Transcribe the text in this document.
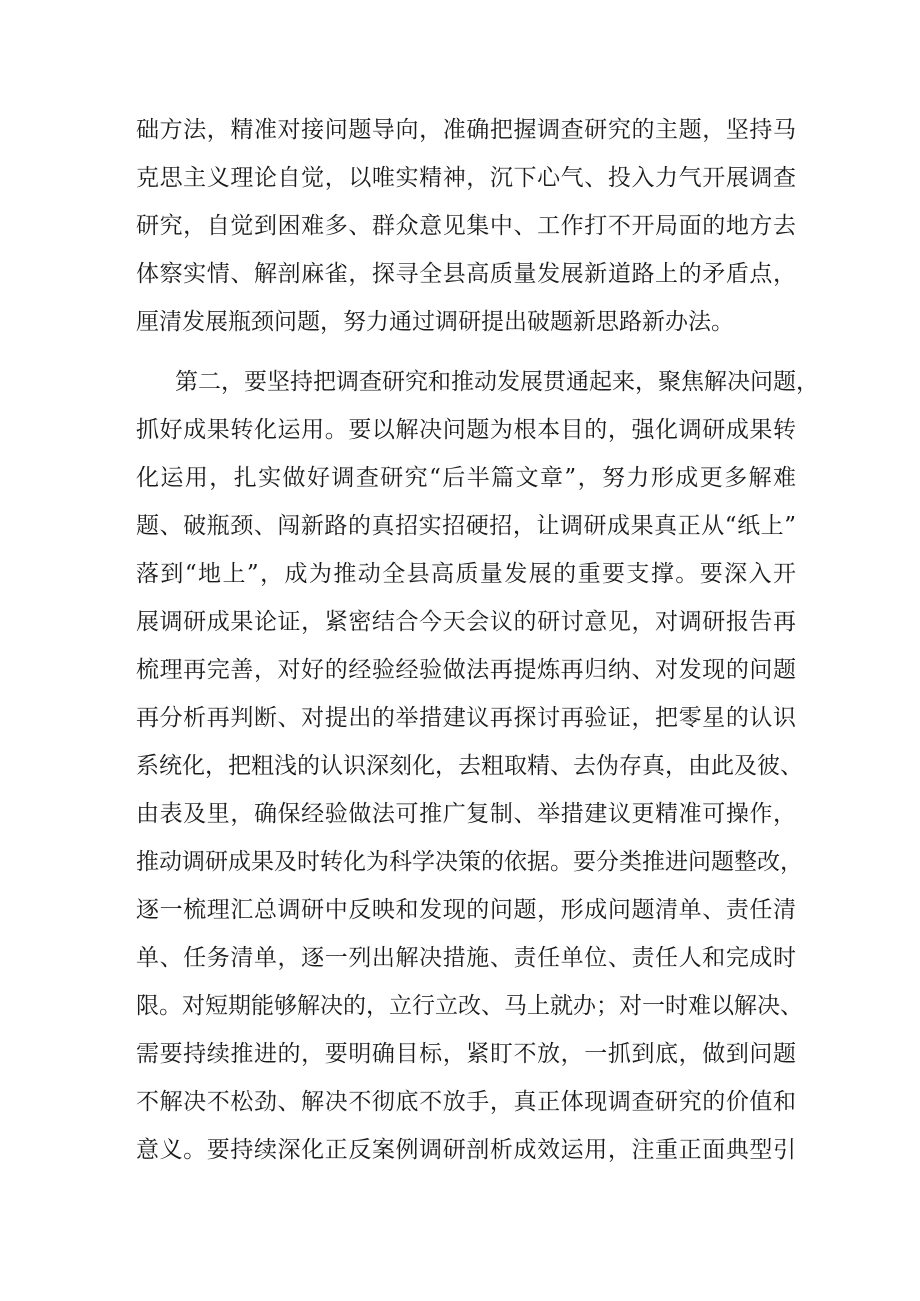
础方法，精准对接问题导向，准确把握调查研究的主题，坚持马
克思主义理论自觉，以唯实精神，沉下心气、投入力气开展调查
研究，自觉到困难多、群众意见集中、工作打不开局面的地方去
体察实情、解剖麻雀，探寻全县高质量发展新道路上的矛盾点，
厘清发展瓶颈问题，努力通过调研提出破题新思路新办法。
第二，要坚持把调查研究和推动发展贯通起来，聚焦解决问题，
抓好成果转化运用。要以解决问题为根本目的，强化调研成果转
化运用，扎实做好调查研究“后半篇文章”，努力形成更多解难
题、破瓶颈、闯新路的真招实招硬招，让调研成果真正从“纸上”
落到“地上”，成为推动全县高质量发展的重要支撑。要深入开
展调研成果论证，紧密结合今天会议的研讨意见，对调研报告再
梳理再完善，对好的经验经验做法再提炼再归纳、对发现的问题
再分析再判断、对提出的举措建议再探讨再验证，把零星的认识
系统化，把粗浅的认识深刻化，去粗取精、去伪存真，由此及彼、
由表及里，确保经验做法可推广复制、举措建议更精准可操作，
推动调研成果及时转化为科学决策的依据。要分类推进问题整改，
逐一梳理汇总调研中反映和发现的问题，形成问题清单、责任清
单、任务清单，逐一列出解决措施、责任单位、责任人和完成时
限。对短期能够解决的，立行立改、马上就办；对一时难以解决、
需要持续推进的，要明确目标，紧盯不放，一抓到底，做到问题
不解决不松劲、解决不彻底不放手，真正体现调查研究的价值和
意义。要持续深化正反案例调研剖析成效运用，注重正面典型引
